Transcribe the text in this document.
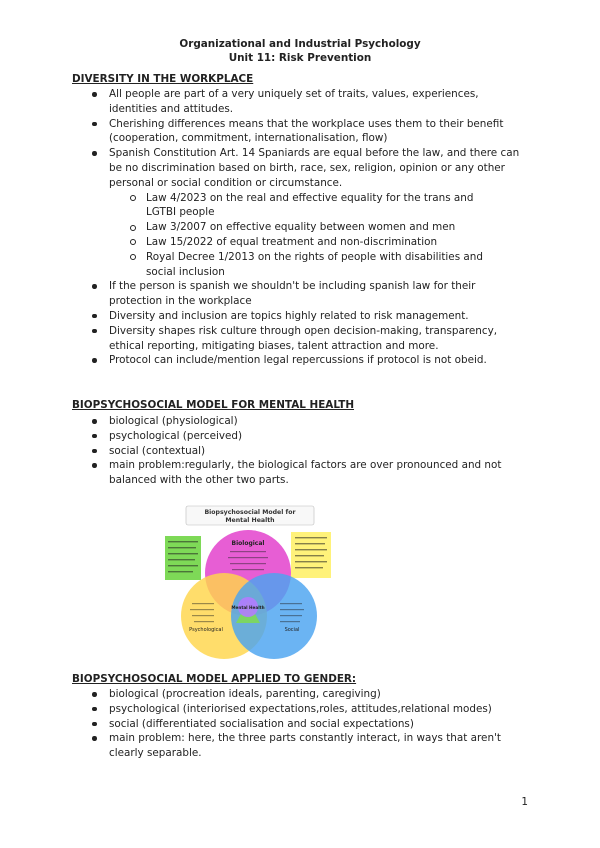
Organizational and Industrial Psychology
Unit 11: Risk Prevention
DIVERSITY IN THE WORKPLACE
All people are part of a very uniquely set of traits, values, experiences, identities and attitudes.
Cherishing differences means that the workplace uses them to their benefit (cooperation, commitment, internationalisation, flow)
Spanish Constitution Art. 14 Spaniards are equal before the law, and there can be no discrimination based on birth, race, sex, religion, opinion or any other personal or social condition or circumstance.
Law 4/2023 on the real and effective equality for the trans and LGTBI people
Law 3/2007 on effective equality between women and men
Law 15/2022 of equal treatment and non-discrimination
Royal Decree 1/2013 on the rights of people with disabilities and social inclusion
If the person is spanish we shouldn't be including spanish law for their protection in the workplace
Diversity and inclusion are topics highly related to risk management.
Diversity shapes risk culture through open decision-making, transparency, ethical reporting, mitigating biases, talent attraction and more.
Protocol can include/mention legal repercussions if protocol is not obeid.
BIOPSYCHOSOCIAL MODEL FOR MENTAL HEALTH
biological (physiological)
psychological (perceived)
social (contextual)
main problem:regularly, the biological factors are over pronounced and not balanced with the other two parts.
Biopsychosocial Model for
Mental Health
Biological
Psychological	Social
Mental Health
BIOPSYCHOSOCIAL MODEL APPLIED TO GENDER:
biological (procreation ideals, parenting, caregiving)
psychological (interiorised expectations,roles, attitudes,relational modes)
social (differentiated socialisation and social expectations)
main problem: here, the three parts constantly interact, in ways that aren't clearly separable.
1
